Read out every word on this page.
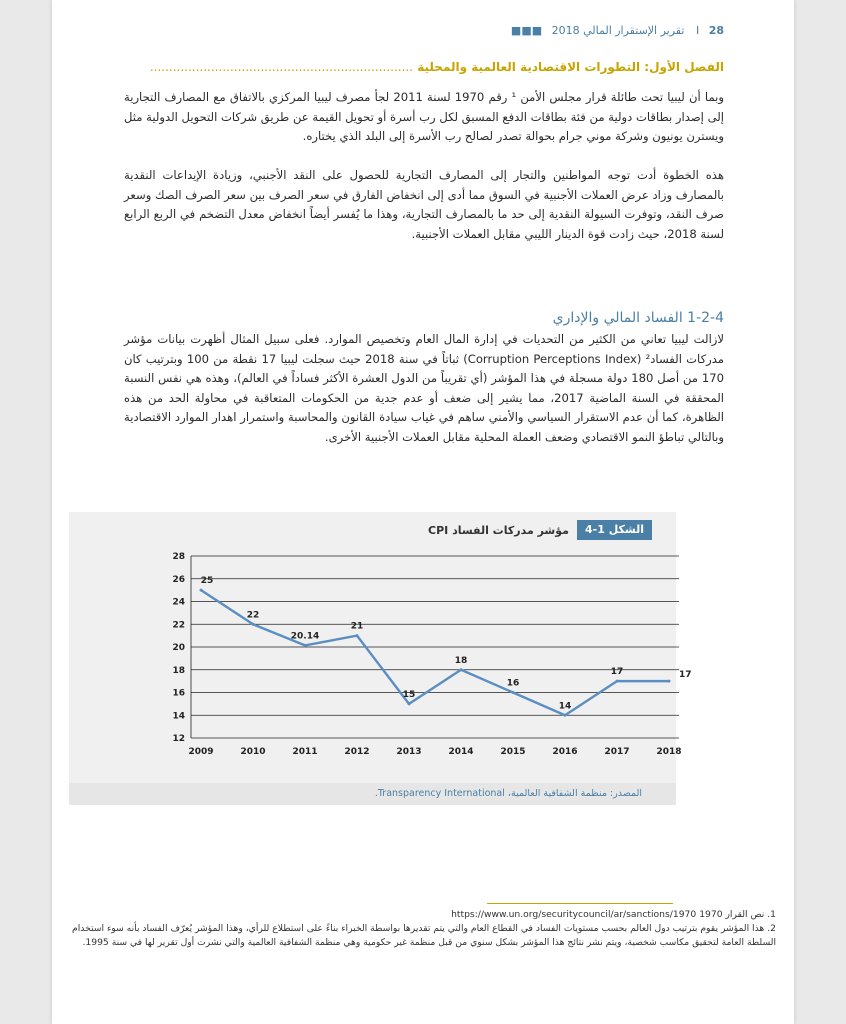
28 I تقرير الإستقرار المالي 2018 ■■■
الفصل الأول: التطورات الاقتصادية العالمية والمحلية .....................................................................
وبما أن ليبيا تحت طائلة قرار مجلس الأمن ¹ رقم 1970 لسنة 2011 لجأ مصرف ليبيا المركزي بالاتفاق مع المصارف التجارية إلى إصدار بطاقات دولية من فئة بطاقات الدفع المسبق لكل رب أسرة أو تحويل القيمة عن طريق شركات التحويل الدولية مثل ويسترن يونيون وشركة موني جرام بحوالة تصدر لصالح رب الأسرة إلى البلد الذي يختاره.
هذه الخطوة أدت توجه المواطنين والتجار إلى المصارف التجارية للحصول على النقد الأجنبي، وزيادة الإيداعات النقدية بالمصارف وزاد عرض العملات الأجنبية في السوق مما أدى إلى انخفاض الفارق في سعر الصرف بين سعر الصرف الصك وسعر صرف النقد، وتوفرت السيولة النقدية إلى حد ما بالمصارف التجارية، وهذا ما يُفسر أيضاً انخفاض معدل التضخم في الربع الرابع لسنة 2018، حيث زادت قوة الدينار الليبي مقابل العملات الأجنبية.
1-2-4 الفساد المالي والإداري
لازالت ليبيا تعاني من الكثير من التحديات في إدارة المال العام وتخصيص الموارد. فعلى سبيل المثال أظهرت بيانات مؤشر مدركات الفساد² (Corruption Perceptions Index) ثباتاً في سنة 2018 حيث سجلت ليبيا 17 نقطة من 100 وبترتيب كان 170 من أصل 180 دولة مسجلة في هذا المؤشر (أي تقريباً من الدول العشرة الأكثر فساداً في العالم)، وهذه هي نفس النسبة المحققة في السنة الماضية 2017، مما يشير إلى ضعف أو عدم جدية من الحكومات المتعاقبة في محاولة الحد من هذه الظاهرة، كما أن عدم الاستقرار السياسي والأمني ساهم في غياب سيادة القانون والمحاسبة واستمرار اهدار الموارد الاقتصادية وبالتالي تباطؤ النمو الاقتصادي وضعف العملة المحلية مقابل العملات الأجنبية الأخرى.
الشكل 1-4
مؤشر مدركات الفساد CPI
12
14
16
18
20
22
24
26
28
2009	2010	2011	2012	2013	2014	2015	2016	2017	2018
25
22
20.14
21
15
18
16
14
17	17
المصدر: منظمة الشفافية العالمية، Transparency International.
1. نص القرار 1970 https://www.un.org/securitycouncil/ar/sanctions/1970
2. هذا المؤشر يقوم بترتيب دول العالم بحسب مستويات الفساد في القطاع العام والتي يتم تقديرها بواسطة الخبراء بناءً على استطلاع للرأي، وهذا المؤشر يُعرّف الفساد بأنه سوء استخدام السلطة العامة لتحقيق مكاسب شخصية، ويتم نشر نتائج هذا المؤشر بشكل سنوي من قبل منظمة غير حكومية وهي منظمة الشفافية العالمية والتي نشرت أول تقرير لها في سنة 1995.
